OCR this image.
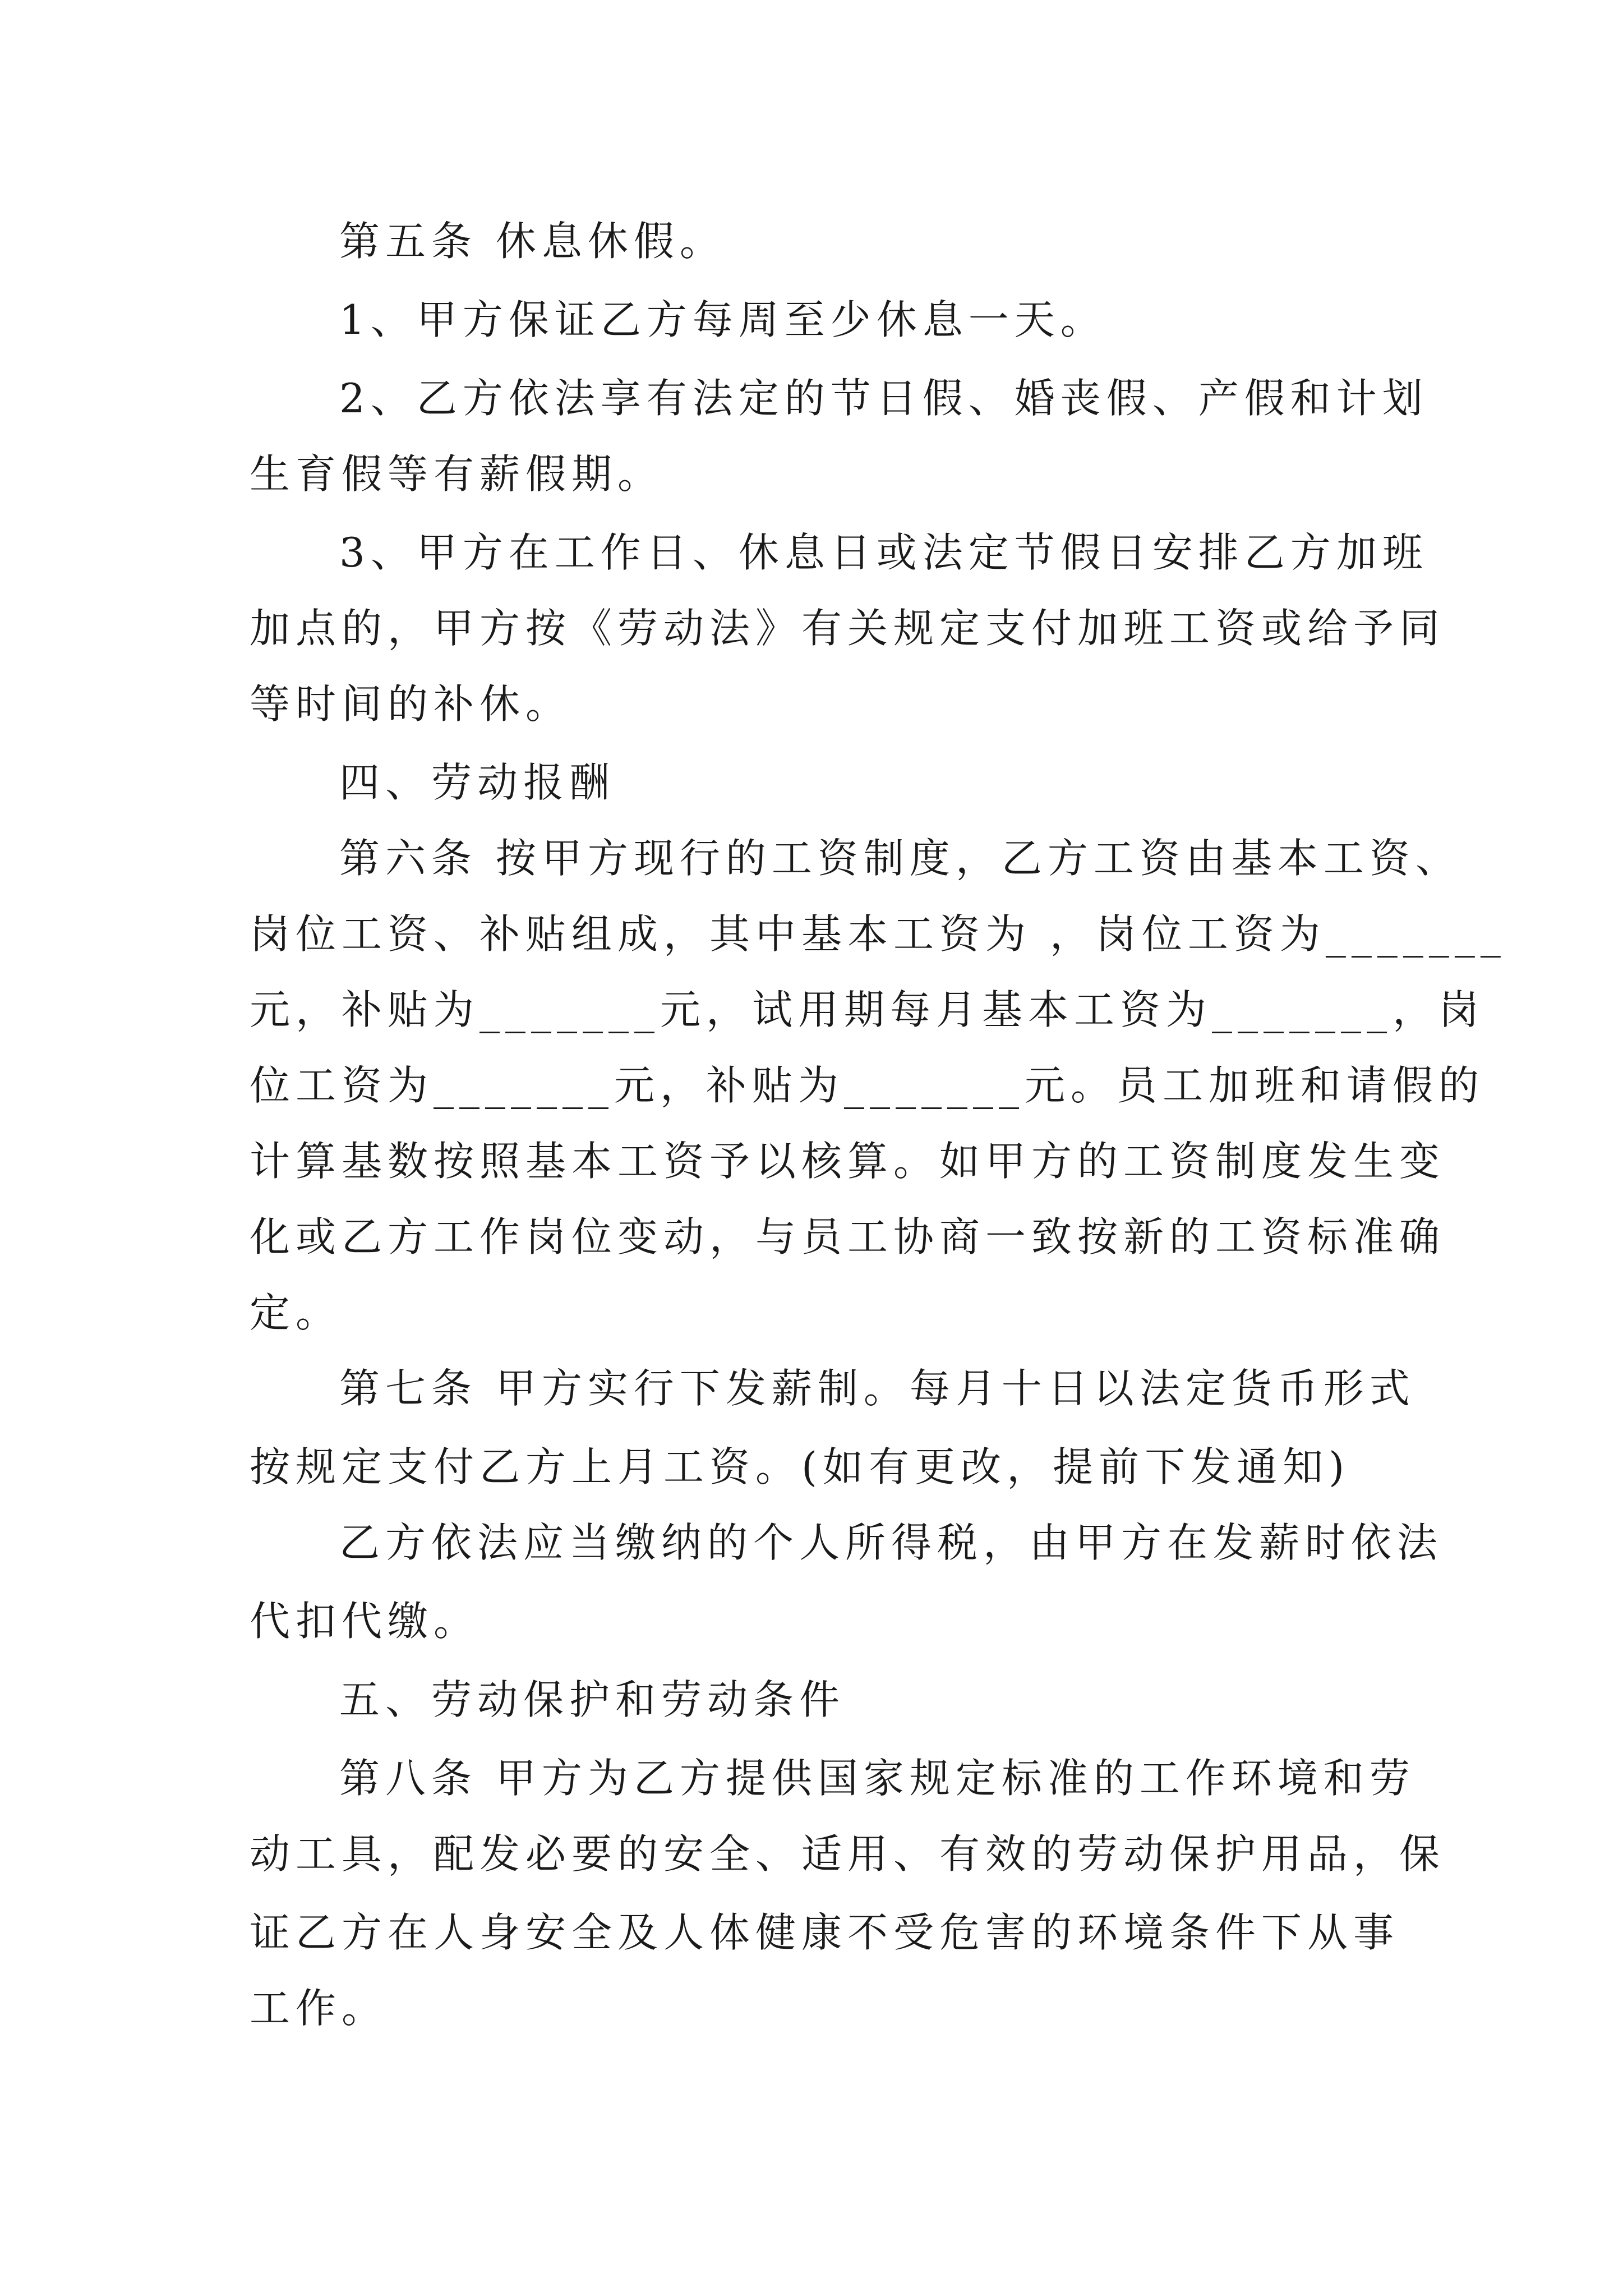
第五条 休息休假。
1、甲方保证乙方每周至少休息一天。
2、乙方依法享有法定的节日假、婚丧假、产假和计划
生育假等有薪假期。
3、甲方在工作日、休息日或法定节假日安排乙方加班
加点的，甲方按《劳动法》有关规定支付加班工资或给予同
等时间的补休。
四、劳动报酬
第六条 按甲方现行的工资制度，乙方工资由基本工资、
岗位工资、补贴组成，其中基本工资为 ，岗位工资为_______
元，补贴为_______元，试用期每月基本工资为_______，岗
位工资为_______元，补贴为_______元。员工加班和请假的
计算基数按照基本工资予以核算。如甲方的工资制度发生变
化或乙方工作岗位变动，与员工协商一致按新的工资标准确
定。
第七条 甲方实行下发薪制。每月十日以法定货币形式
按规定支付乙方上月工资。(如有更改，提前下发通知)
乙方依法应当缴纳的个人所得税，由甲方在发薪时依法
代扣代缴。
五、劳动保护和劳动条件
第八条 甲方为乙方提供国家规定标准的工作环境和劳
动工具，配发必要的安全、适用、有效的劳动保护用品，保
证乙方在人身安全及人体健康不受危害的环境条件下从事
工作。
